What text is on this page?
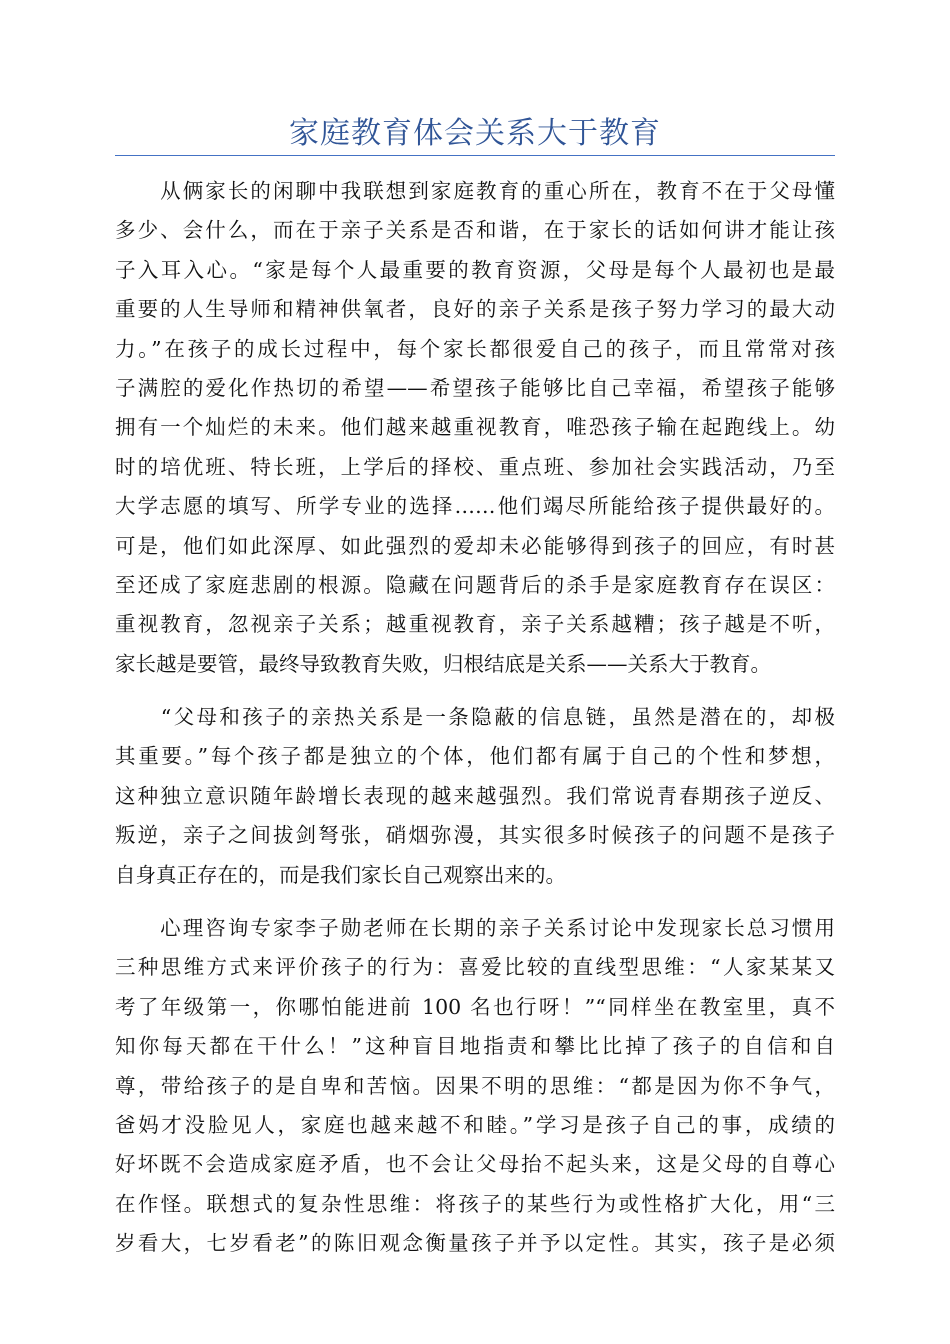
家庭教育体会关系大于教育
　　从俩家长的闲聊中我联想到家庭教育的重心所在，教育不在于父母懂
多少、会什么，而在于亲子关系是否和谐，在于家长的话如何讲才能让孩
子入耳入心。“家是每个人最重要的教育资源，父母是每个人最初也是最
重要的人生导师和精神供氧者，良好的亲子关系是孩子努力学习的最大动
力。”在孩子的成长过程中，每个家长都很爱自己的孩子，而且常常对孩
子满腔的爱化作热切的希望——希望孩子能够比自己幸福，希望孩子能够
拥有一个灿烂的未来。他们越来越重视教育，唯恐孩子输在起跑线上。幼
时的培优班、特长班，上学后的择校、重点班、参加社会实践活动，乃至
大学志愿的填写、所学专业的选择……他们竭尽所能给孩子提供最好的。
可是，他们如此深厚、如此强烈的爱却未必能够得到孩子的回应，有时甚
至还成了家庭悲剧的根源。隐藏在问题背后的杀手是家庭教育存在误区：
重视教育，忽视亲子关系；越重视教育，亲子关系越糟；孩子越是不听，
家长越是要管，最终导致教育失败，归根结底是关系——关系大于教育。
　　“父母和孩子的亲热关系是一条隐蔽的信息链，虽然是潜在的，却极
其重要。”每个孩子都是独立的个体，他们都有属于自己的个性和梦想，
这种独立意识随年龄增长表现的越来越强烈。我们常说青春期孩子逆反、
叛逆，亲子之间拔剑弩张，硝烟弥漫，其实很多时候孩子的问题不是孩子
自身真正存在的，而是我们家长自己观察出来的。
　　心理咨询专家李子勋老师在长期的亲子关系讨论中发现家长总习惯用
三种思维方式来评价孩子的行为：喜爱比较的直线型思维：“人家某某又
考了年级第一，你哪怕能进前 100 名也行呀！”“同样坐在教室里，真不
知你每天都在干什么！”这种盲目地指责和攀比比掉了孩子的自信和自
尊，带给孩子的是自卑和苦恼。因果不明的思维：“都是因为你不争气，
爸妈才没脸见人，家庭也越来越不和睦。”学习是孩子自己的事，成绩的
好坏既不会造成家庭矛盾，也不会让父母抬不起头来，这是父母的自尊心
在作怪。联想式的复杂性思维：将孩子的某些行为或性格扩大化，用“三
岁看大，七岁看老”的陈旧观念衡量孩子并予以定性。其实，孩子是必须
